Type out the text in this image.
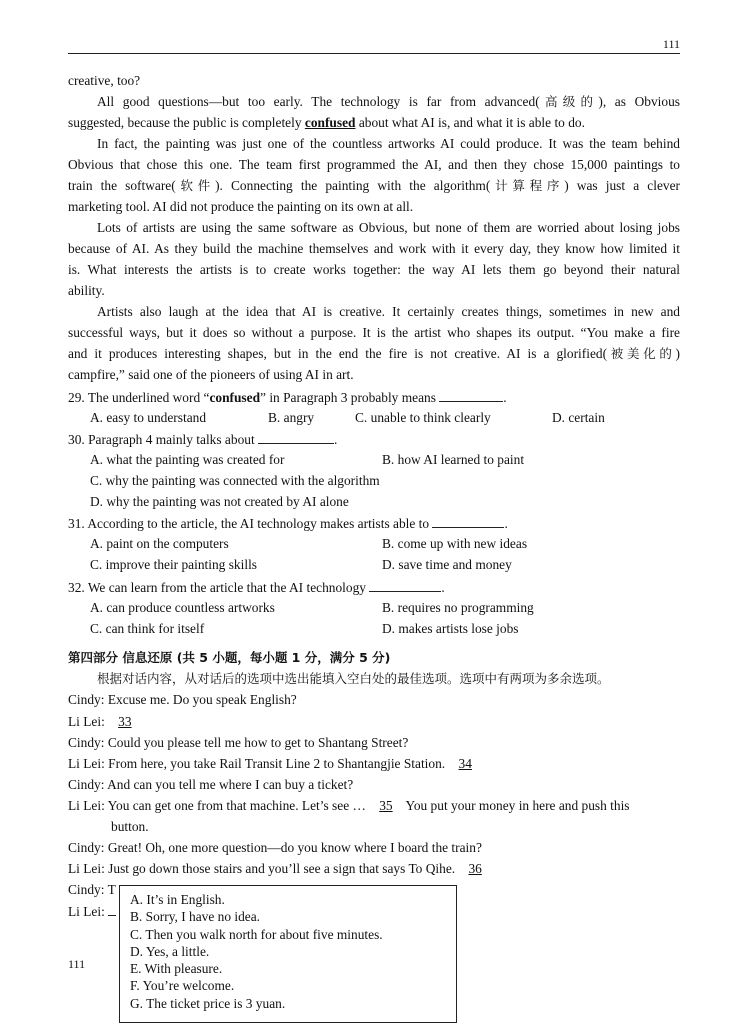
111
creative, too?
All good questions—but too early. The technology is far from advanced(高级的), as Obvious
suggested, because the public is completely confused about what AI is, and what it is able to do.
In fact, the painting was just one of the countless artworks AI could produce. It was the team behind
Obvious that chose this one. The team first programmed the AI, and then they chose 15,000 paintings to
train the software(软件). Connecting the painting with the algorithm(计算程序) was just a clever
marketing tool. AI did not produce the painting on its own at all.
Lots of artists are using the same software as Obvious, but none of them are worried about losing jobs
because of AI. As they build the machine themselves and work with it every day, they know how limited it
is. What interests the artists is to create works together: the way AI lets them go beyond their natural
ability.
Artists also laugh at the idea that AI is creative. It certainly creates things, sometimes in new and
successful ways, but it does so without a purpose. It is the artist who shapes its output. “You make a fire
and it produces interesting shapes, but in the end the fire is not creative. AI is a glorified(被美化的)
campfire,” said one of the pioneers of using AI in art.
29. The underlined word “confused” in Paragraph 3 probably means	.
A. easy to understand	B. angry	C. unable to think clearly	D. certain
30. Paragraph 4 mainly talks about	.
A. what the painting was created for	B. how AI learned to paint
C. why the painting was connected with the algorithm
D. why the painting was not created by AI alone
31. According to the article, the AI technology makes artists able to	.
A. paint on the computers	B. come up with new ideas
C. improve their painting skills	D. save time and money
32. We can learn from the article that the AI technology	.
A. can produce countless artworks	B. requires no programming
C. can think for itself	D. makes artists lose jobs
第四部分 信息还原 (共 5 小题，每小题 1 分，满分 5 分)
根据对话内容，从对话后的选项中选出能填入空白处的最佳选项。选项中有两项为多余选项。
Cindy: Excuse me. Do you speak English?
Li Lei: 33
Cindy: Could you please tell me how to get to Shantang Street?
Li Lei: From here, you take Rail Transit Line 2 to Shantangjie Station. 34
Cindy: And can you tell me where I can buy a ticket?
Li Lei: You can get one from that machine. Let’s see … 35 You put your money in here and push this
button.
Cindy: Great! Oh, one more question—do you know where I board the train?
Li Lei: Just go down those stairs and you’ll see a sign that says To Qihe. 36
Cindy: T
Li Lei:
111
A. It’s in English.
B. Sorry, I have no idea.
C. Then you walk north for about five minutes.
D. Yes, a little.
E. With pleasure.
F. You’re welcome.
G. The ticket price is 3 yuan.
